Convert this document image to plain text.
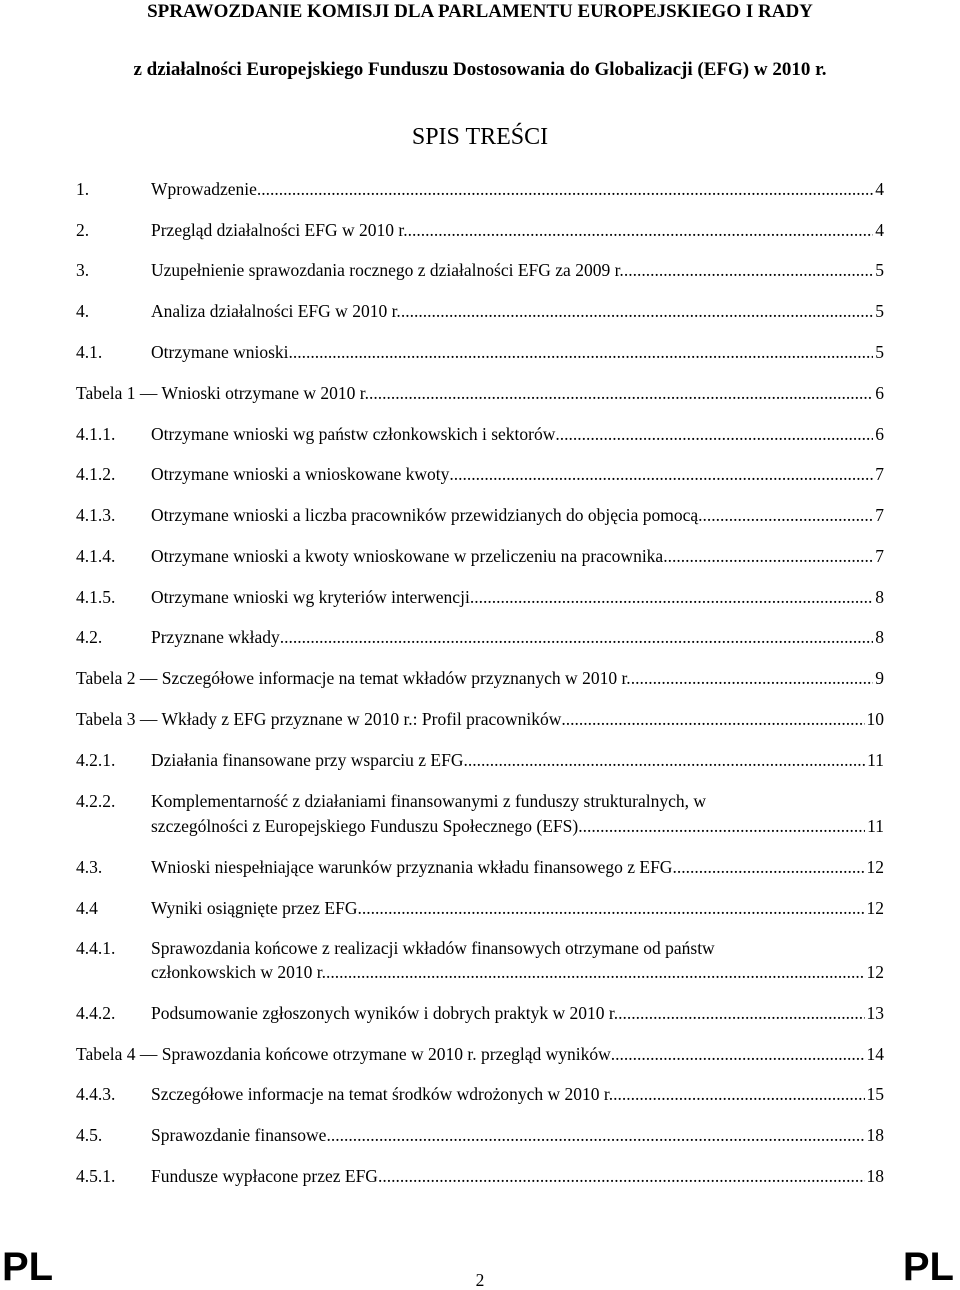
SPRAWOZDANIE KOMISJI DLA PARLAMENTU EUROPEJSKIEGO I RADY
z działalności Europejskiego Funduszu Dostosowania do Globalizacji (EFG) w 2010 r.
SPIS TREŚCI
1.	Wprowadzenie .....	4
2.	Przegląd działalności EFG w 2010 r. .....	4
3.	Uzupełnienie sprawozdania rocznego z działalności EFG za 2009 r. .....	5
4.	Analiza działalności EFG w 2010 r. .....	5
4.1.	Otrzymane wnioski .....	5
Tabela 1 — Wnioski otrzymane w 2010 r. .....	6
4.1.1.	Otrzymane wnioski wg państw członkowskich i sektorów .....	6
4.1.2.	Otrzymane wnioski a wnioskowane kwoty .....	7
4.1.3.	Otrzymane wnioski a liczba pracowników przewidzianych do objęcia pomocą .....	7
4.1.4.	Otrzymane wnioski a kwoty wnioskowane w przeliczeniu na pracownika .....	7
4.1.5.	Otrzymane wnioski wg kryteriów interwencji .....	8
4.2.	Przyznane wkłady .....	8
Tabela 2 — Szczegółowe informacje na temat wkładów przyznanych w 2010 r. .....	9
Tabela 3 — Wkłady z EFG przyznane w 2010 r.: Profil pracowników .....	10
4.2.1.	Działania finansowane przy wsparciu z EFG .....	11
4.2.2. Komplementarność z działaniami finansowanymi z funduszy strukturalnych, w
szczególności z Europejskiego Funduszu Społecznego (EFS) .....	11
4.3.	Wnioski niespełniające warunków przyznania wkładu finansowego z EFG .....	12
4.4	Wyniki osiągnięte przez EFG .....	12
4.4.1. Sprawozdania końcowe z realizacji wkładów finansowych otrzymane od państw
członkowskich w 2010 r. .....	12
4.4.2.	Podsumowanie zgłoszonych wyników i dobrych praktyk w 2010 r. .....	13
Tabela 4 — Sprawozdania końcowe otrzymane w 2010 r. przegląd wyników .....	14
4.4.3.	Szczegółowe informacje na temat środków wdrożonych w 2010 r. .....	15
4.5.	Sprawozdanie finansowe .....	18
4.5.1.	Fundusze wypłacone przez EFG .....	18
PL	2	PL
